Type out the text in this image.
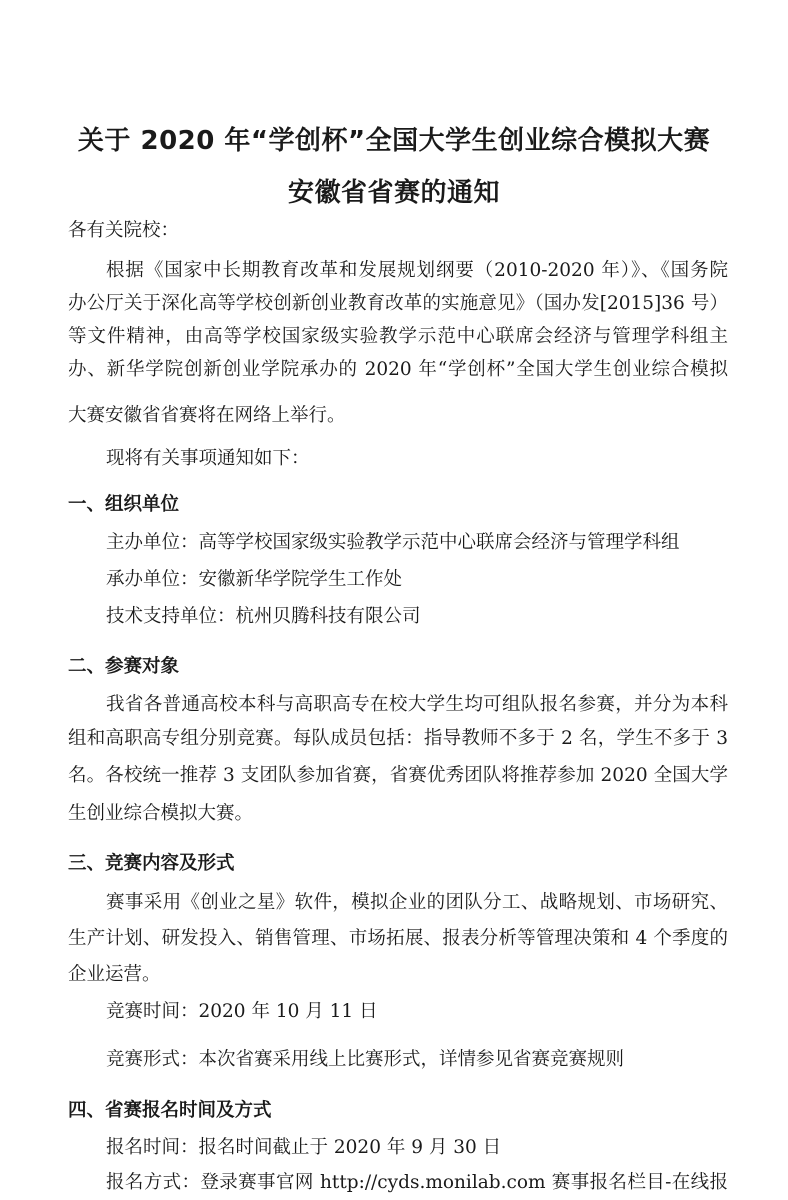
关于 2020 年“学创杯”全国大学生创业综合模拟大赛
安徽省省赛的通知
各有关院校：
根据《国家中长期教育改革和发展规划纲要（2010-2020 年）》、《国务院
办公厅关于深化高等学校创新创业教育改革的实施意见》（国办发[2015]36 号）
等文件精神，由高等学校国家级实验教学示范中心联席会经济与管理学科组主
办、新华学院创新创业学院承办的 2020 年“学创杯”全国大学生创业综合模拟
大赛安徽省省赛将在网络上举行。
现将有关事项通知如下：
一、组织单位
主办单位：高等学校国家级实验教学示范中心联席会经济与管理学科组
承办单位：安徽新华学院学生工作处
技术支持单位：杭州贝腾科技有限公司
二、参赛对象
我省各普通高校本科与高职高专在校大学生均可组队报名参赛，并分为本科
组和高职高专组分别竞赛。每队成员包括：指导教师不多于 2 名，学生不多于 3
名。各校统一推荐 3 支团队参加省赛，省赛优秀团队将推荐参加 2020 全国大学
生创业综合模拟大赛。
三、竞赛内容及形式
赛事采用《创业之星》软件，模拟企业的团队分工、战略规划、市场研究、
生产计划、研发投入、销售管理、市场拓展、报表分析等管理决策和 4 个季度的
企业运营。
竞赛时间：2020 年 10 月 11 日
竞赛形式：本次省赛采用线上比赛形式，详情参见省赛竞赛规则
四、省赛报名时间及方式
报名时间：报名时间截止于 2020 年 9 月 30 日
报名方式：登录赛事官网 http://cyds.monilab.com 赛事报名栏目-在线报
